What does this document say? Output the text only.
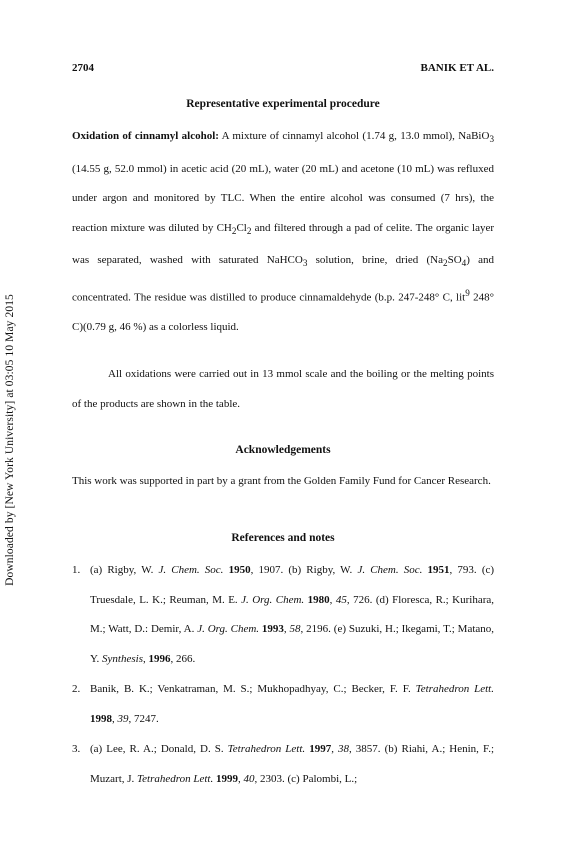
Downloaded by [New York University] at 03:05 10 May 2015
2704	BANIK ET AL.
Representative experimental procedure
Oxidation of cinnamyl alcohol: A mixture of cinnamyl alcohol (1.74 g, 13.0 mmol), NaBiO$_3$ (14.55 g, 52.0 mmol) in acetic acid (20 mL), water (20 mL) and acetone (10 mL) was refluxed under argon and monitored by TLC. When the entire alcohol was consumed (7 hrs), the reaction mixture was diluted by $CH_2Cl_2$ and filtered through a pad of celite. The organic layer was separated, washed with saturated NaHCO$_3$ solution, brine, dried $(Na_2SO_4)$ and concentrated. The residue was distilled to produce cinnamaldehyde (b.p. 247-248° C, lit$^9$ 248° C)(0.79 g, 46 %) as a colorless liquid.
All oxidations were carried out in 13 mmol scale and the boiling or the melting points of the products are shown in the table.
Acknowledgements
This work was supported in part by a grant from the Golden Family Fund for Cancer Research.
References and notes
1. (a) Rigby, W. J. Chem. Soc. 1950, 1907. (b) Rigby, W. J. Chem. Soc. 1951, 793. (c) Truesdale, L. K.; Reuman, M. E. J. Org. Chem. 1980, 45, 726. (d) Floresca, R.; Kurihara, M.; Watt, D.: Demir, A. J. Org. Chem. 1993, 58, 2196. (e) Suzuki, H.; Ikegami, T.; Matano, Y. Synthesis, 1996, 266.
2. Banik, B. K.; Venkatraman, M. S.; Mukhopadhyay, C.; Becker, F. F. Tetrahedron Lett. 1998, 39, 7247.
3. (a) Lee, R. A.; Donald, D. S. Tetrahedron Lett. 1997, 38, 3857. (b) Riahi, A.; Henin, F.; Muzart, J. Tetrahedron Lett. 1999, 40, 2303. (c) Palombi, L.;
